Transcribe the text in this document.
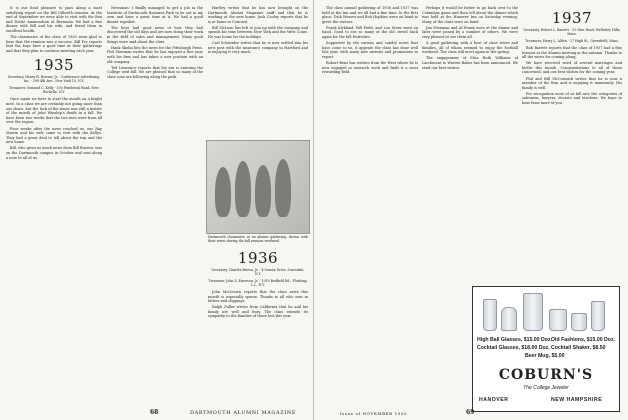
It is our fond pleasure to pass along a most satisfying report on the Bill Gilbreth reunion. At the end of September we were able to visit with the Ben and Dottie Ammondson at Bermuda. We had a fine dinner with Bill and his wife, and found them in excellent health.

The classmates of the class of 1935 were glad to hear that the reunion was a success. Bill Fry reports that the boys have a good time at their gatherings and that they plan to continue meeting each year.

1935
Secretary, Henry R. Bowser, Jr. · Conference Advertising, Inc. · 299 4th Ave., New York 10, N.Y.
Treasurer, Osmond C. Kelly · 100 Pinebrook Road, New Rochelle, N.Y.

Once again we have to start the month on a bright note. In a class we are certainly not going more than our share, but the luck of the times was still a matter of the month of John Winship's death in a fall. We have been two weeks that the two men were from all over the region.

Four weeks after the news reached us, our Ray Martin and his wife came to visit with the Kellys. They had a great deal to tell about the trip and the new home.

Bill, who gives us much news from Bill Burrow, was on the Dartmouth campus in October and sent along a note to all of us.

Newsman: I finally managed to get a job in the Institute of Dartmouth Business Park to be out in my own and have a great time at it. We had a good dinner together.

The boys had good news of how they had discovered the old days and are now doing their work in the field of sales and management. Many good things were said about the class.

Hank Skelin hits the news for the Pittsburgh Press. Phil Sherman writes that he has enjoyed a fine year with his firm and has taken a new position with an old company.

Ted Lawrence reports that his son is entering the College next fall. We are pleased that so many of the class sons are following along the path.

Hartley writes that he has now brought on the Dartmouth Alumni Magazine staff and that he is working at the new home. Jack Cooley reports that he is at home in Concord.

Bill McLean has left to join up with the company and spends his time between New York and the West Coast. He was home for the holidays.

Carl Schneider writes that he is now settled into his new post with the insurance company in Hartford and is enjoying it very much.

Dartmouth classmates at an alumni gathering, shown with their wives during the fall reunion weekend.
1936
Secretary, Charles Brown, Jr. · 4 Sussex Drive, Scarsdale, N.Y.
Treasurer, John S. Emerson, Jr. · 1919 Redfield Rd., Flushing, L.I., N.Y.

John McGovern reports that the class news this month is especially sparse. Thanks to all who sent in letters and clippings.

Ralph Fuller writes from California that he and his family are well and busy. The class extends its sympathy to the families of those lost this year.

68	DARTMOUTH ALUMNI MAGAZINE

The class annual gathering of 1936 and 1937 was held at the Inn and we all had a fine time. In the first place, Dick Weaver and Bob Hopkins were on hand to greet the visitors.

Frank Kirkland, Bill Field, and Lou Stern were on hand. Good to see so many of the old crowd back again for the fall festivities.

Supported by the various and sundry notes that have come to us, it appears the class has done well this year, with many new arrivals and promotions to report.

Robert Benz has written from the West where he is now engaged in research work and finds it a most rewarding field.

Perhaps it would be better to go back over to the Columbus game and then tell about the dinner which was held at the Hanover Inn on Saturday evening. Many of the class were on hand.

Jim Wiseman and Al Frank were at the dinner and later were joined by a number of others. We were very pleased to see them all.

A good gathering with a host of class wives and families, all of whom seemed to enjoy the football weekend. The class will meet again in the spring.

The engagement of Miss Ruth Williams of Larchmont to Warren Baker has been announced. We send our best wishes.

1937
Secretary, Robert L. Barrett · 33 Glen Road, Wellesley Hills, Mass.
Treasurer, Harry L. Alden · 27 High St., Greenfield, Mass.

Bob Barrett reports that the class of 1937 had a fine turnout at the Alumni meeting in the autumn. Thanks to all the wives for coming along.

We have received word of several marriages and births this month. Congratulations to all of those concerned, and our best wishes for the coming year.

Phil and Bill McCormick writes that he is now a member of the firm and is enjoying it immensely. His family is well.

For recognition most of us fall into the categories of salesmen, lawyers, doctors and teachers. We hope to hear from more of you.

High Ball Glasses, $15.00 Doz.
Cocktail Glasses, $18.00 Doz.
Old Fashions, $15.00 Doz.
Cocktail Shaker, $8.50
Beer Mug, $5.00
COBURN'S
The College Jeweler
HANOVER	NEW HAMPSHIRE
69
Issue of NOVEMBER 1955
